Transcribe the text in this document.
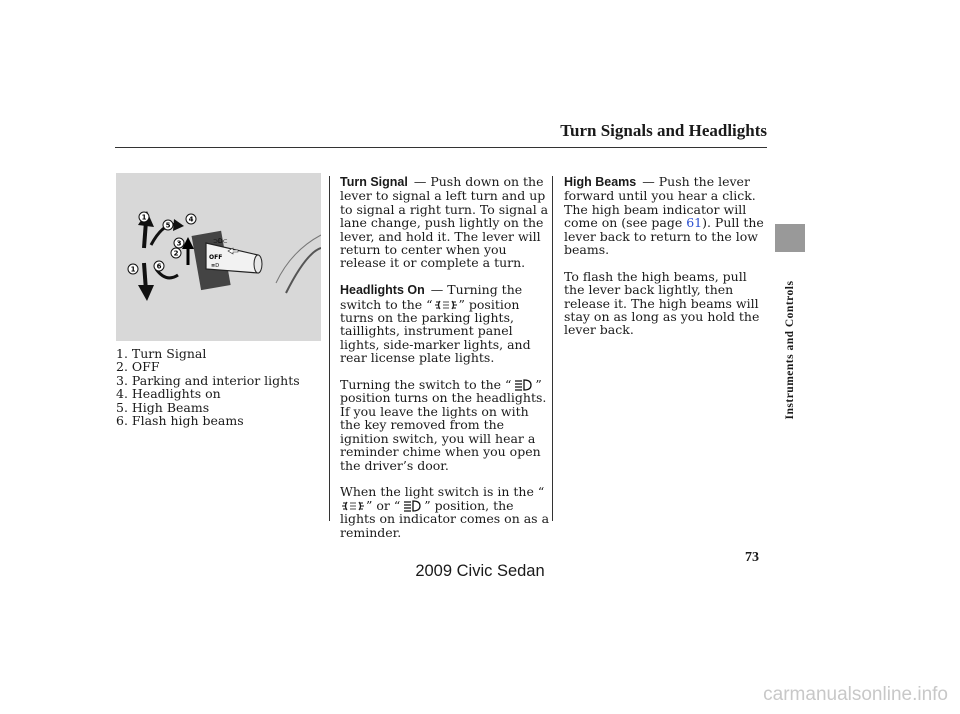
Turn Signals and Headlights
Instruments and Controls
OFF
≣D
⊃D⊂
1
5
4
3
2
1	6
1. Turn Signal
2. OFF
3. Parking and interior lights
4. Headlights on
5. High Beams
6. Flash high beams

Turn Signal — Push down on the lever to signal a left turn and up to signal a right turn. To signal a lane change, push lightly on the lever, and hold it. The lever will return to center when you release it or complete a turn.

Headlights On — Turning the switch to the “ ” position turns on the parking lights, taillights, instrument panel lights, side-marker lights, and rear license plate lights.

Turning the switch to the “ ” position turns on the headlights. If you leave the lights on with the key removed from the ignition switch, you will hear a reminder chime when you open the driver’s door.

When the light switch is in the “” or “ ” position, the lights on indicator comes on as a reminder.

High Beams — Push the lever forward until you hear a click. The high beam indicator will come on (see page 61). Pull the lever back to return to the low beams.

To flash the high beams, pull the lever back lightly, then release it. The high beams will stay on as long as you hold the lever back.

73
2009 Civic Sedan
carmanualsonline.info
